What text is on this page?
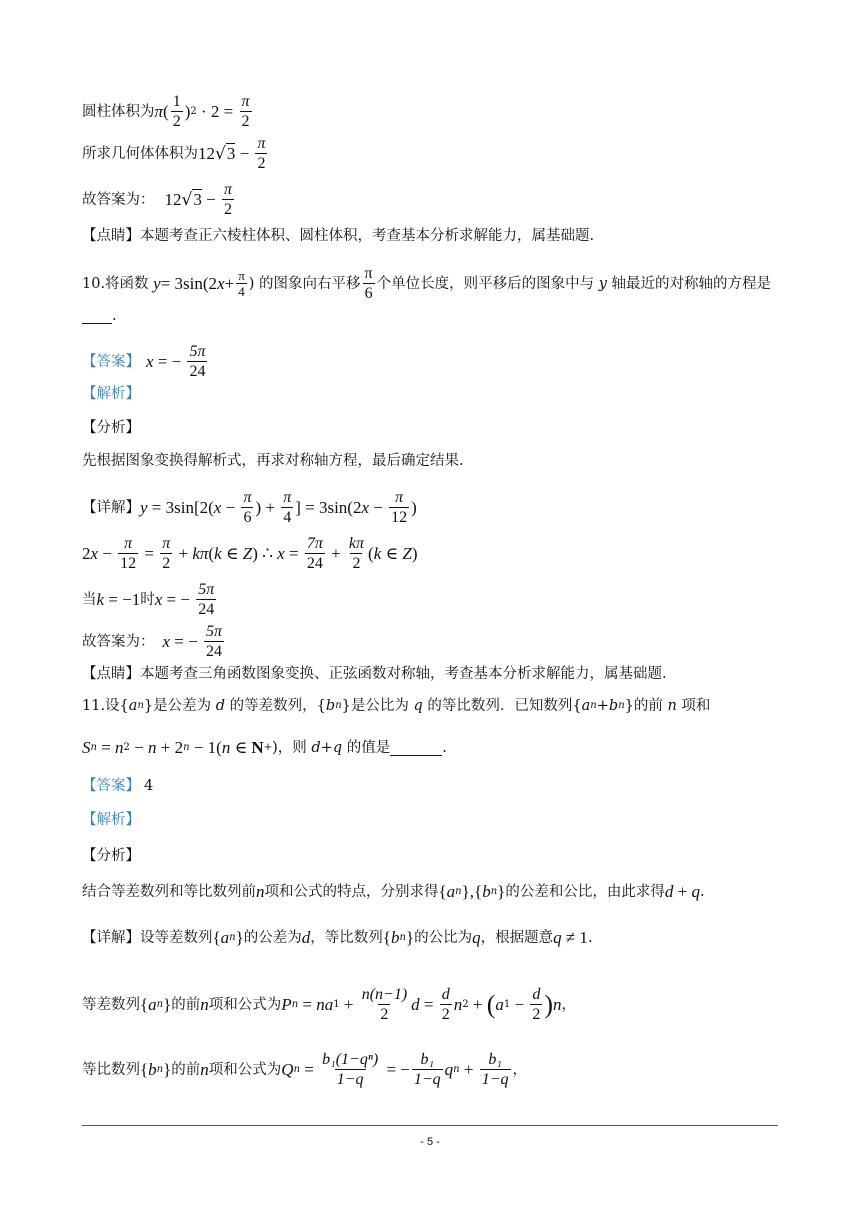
圆柱体积为 π ( $\frac{1}{2}$ ) $2 \cdot 2 = \frac{\pi}{2}$
所求几何体体积为 12 √ $3 - \frac{\pi}{2}$
故答案为： 12 √ $3 - \frac{\pi}{2}$
【点睛】 本题考查正六棱柱体积、圆柱体积，考查基本分析求解能力，属基础题.
10.将函数 y = 3sin(2 $x + \frac{\pi}{4}$ ) 的图象向右平移 $\frac{\pi}{6}$ 个单位长度，则平移后的图象中与 y 轴最近的对称轴的方程是
.
【答案】 x = − $\frac{5\pi}{24}$
【解析】
【分析】
先根据图象变换得解析式，再求对称轴方程，最后确定结果.
【详解】 y = 3sin[2( $x - \frac{\pi}{6}$ ) + $\frac{\pi}{4}$ ] = 3sin(2 $x - \frac{\pi}{12}$ )
2 $x - \frac{\pi}{12} = \frac{\pi}{2} + k\pi$ ( k ∈ Z ) ∴ $x = \frac{7\pi}{24} + \frac{k\pi}{2}$ ( k ∈ Z )
当 k = −1 时 x = − $\frac{5\pi}{24}$
故答案为： x = − $\frac{5\pi}{24}$
【点睛】 本题考查三角函数图象变换、正弦函数对称轴，考查基本分析求解能力，属基础题.
11.设{ a n }是公差为 d 的等差数列，{ b n }是公比为 q 的等比数列．已知数列{ a n + b n }的前 n 项和
S n = n 2 − n + 2 n − 1( n ∈ N + )，则 d + q 的值是	.
【答案】 4
【解析】
【分析】
结合等差数列和等比数列前 n 项和公式的特点，分别求得 { a n } , { b n } 的公差和公比，由此求得 d + q .
【详解】 设等差数列 { a n } 的公差为 d ，等比数列 { b n } 的公比为 q ，根据题意 q ≠ 1 .
等差数列 { a n } 的前 n 项和公式为 P n = na $1 + \frac{n(n-1)}{2}$ $d = \frac{d}{2}$ n 2 + ( a $1 - \frac{d}{2}$ ) n ，
等比数列 { b n } 的前 n 项和公式为 Q $n = \frac{\text{b₁(1−qⁿ)}}{1-q}$ = − $\frac{\text{b₁}}{1-q}$ q $n + \frac{\text{b₁}}{1-q}$ ，
- 5 -
